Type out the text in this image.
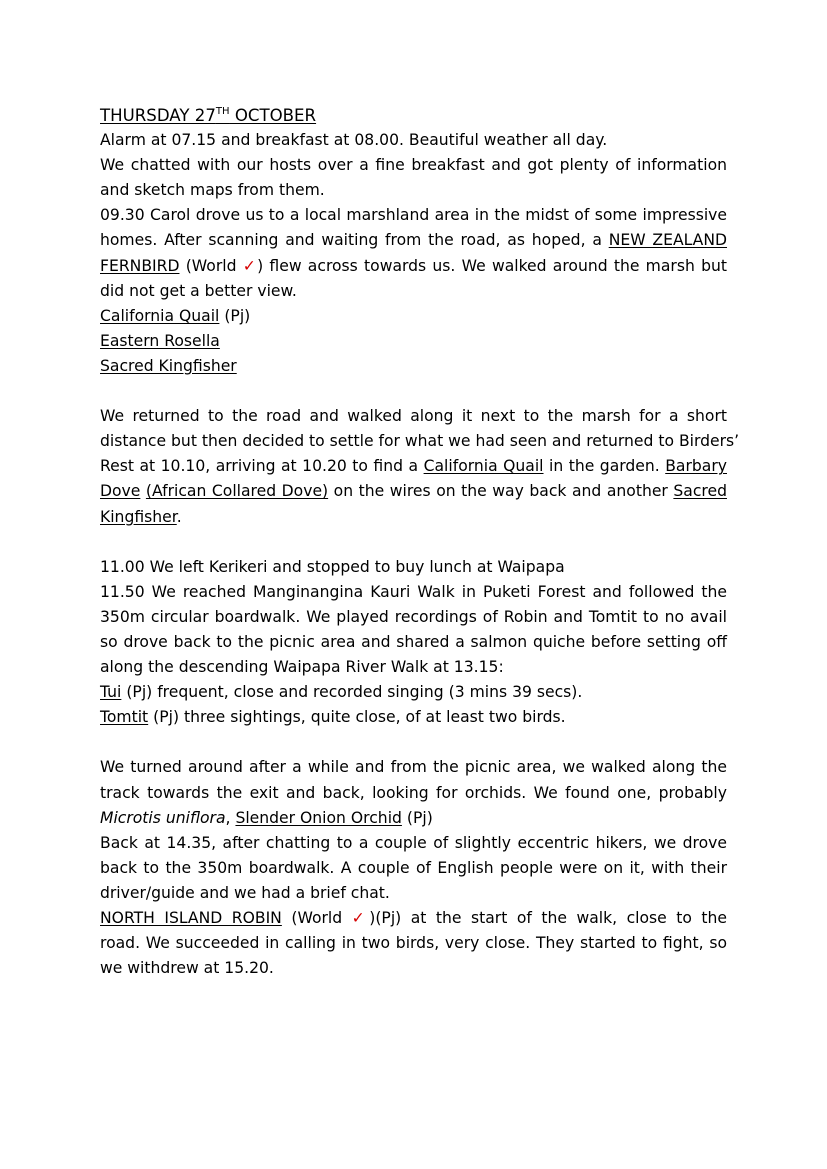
THURSDAY 27TH OCTOBER
Alarm at 07.15 and breakfast at 08.00. Beautiful weather all day.
We chatted with our hosts over a fine breakfast and got plenty of information
and sketch maps from them.
09.30 Carol drove us to a local marshland area in the midst of some impressive
homes. After scanning and waiting from the road, as hoped, a NEW ZEALAND
FERNBIRD (World ✓) flew across towards us. We walked around the marsh but
did not get a better view.
California Quail (Pj)
Eastern Rosella
Sacred Kingfisher
We returned to the road and walked along it next to the marsh for a short
distance but then decided to settle for what we had seen and returned to Birders’
Rest at 10.10, arriving at 10.20 to find a California Quail in the garden. Barbary
Dove (African Collared Dove) on the wires on the way back and another Sacred
Kingfisher.
11.00 We left Kerikeri and stopped to buy lunch at Waipapa
11.50 We reached Manginangina Kauri Walk in Puketi Forest and followed the
350m circular boardwalk. We played recordings of Robin and Tomtit to no avail
so drove back to the picnic area and shared a salmon quiche before setting off
along the descending Waipapa River Walk at 13.15:
Tui (Pj) frequent, close and recorded singing (3 mins 39 secs).
Tomtit (Pj) three sightings, quite close, of at least two birds.
We turned around after a while and from the picnic area, we walked along the
track towards the exit and back, looking for orchids. We found one, probably
Microtis uniflora, Slender Onion Orchid (Pj)
Back at 14.35, after chatting to a couple of slightly eccentric hikers, we drove
back to the 350m boardwalk. A couple of English people were on it, with their
driver/guide and we had a brief chat.
NORTH ISLAND ROBIN (World ✓)(Pj) at the start of the walk, close to the
road. We succeeded in calling in two birds, very close. They started to fight, so
we withdrew at 15.20.
